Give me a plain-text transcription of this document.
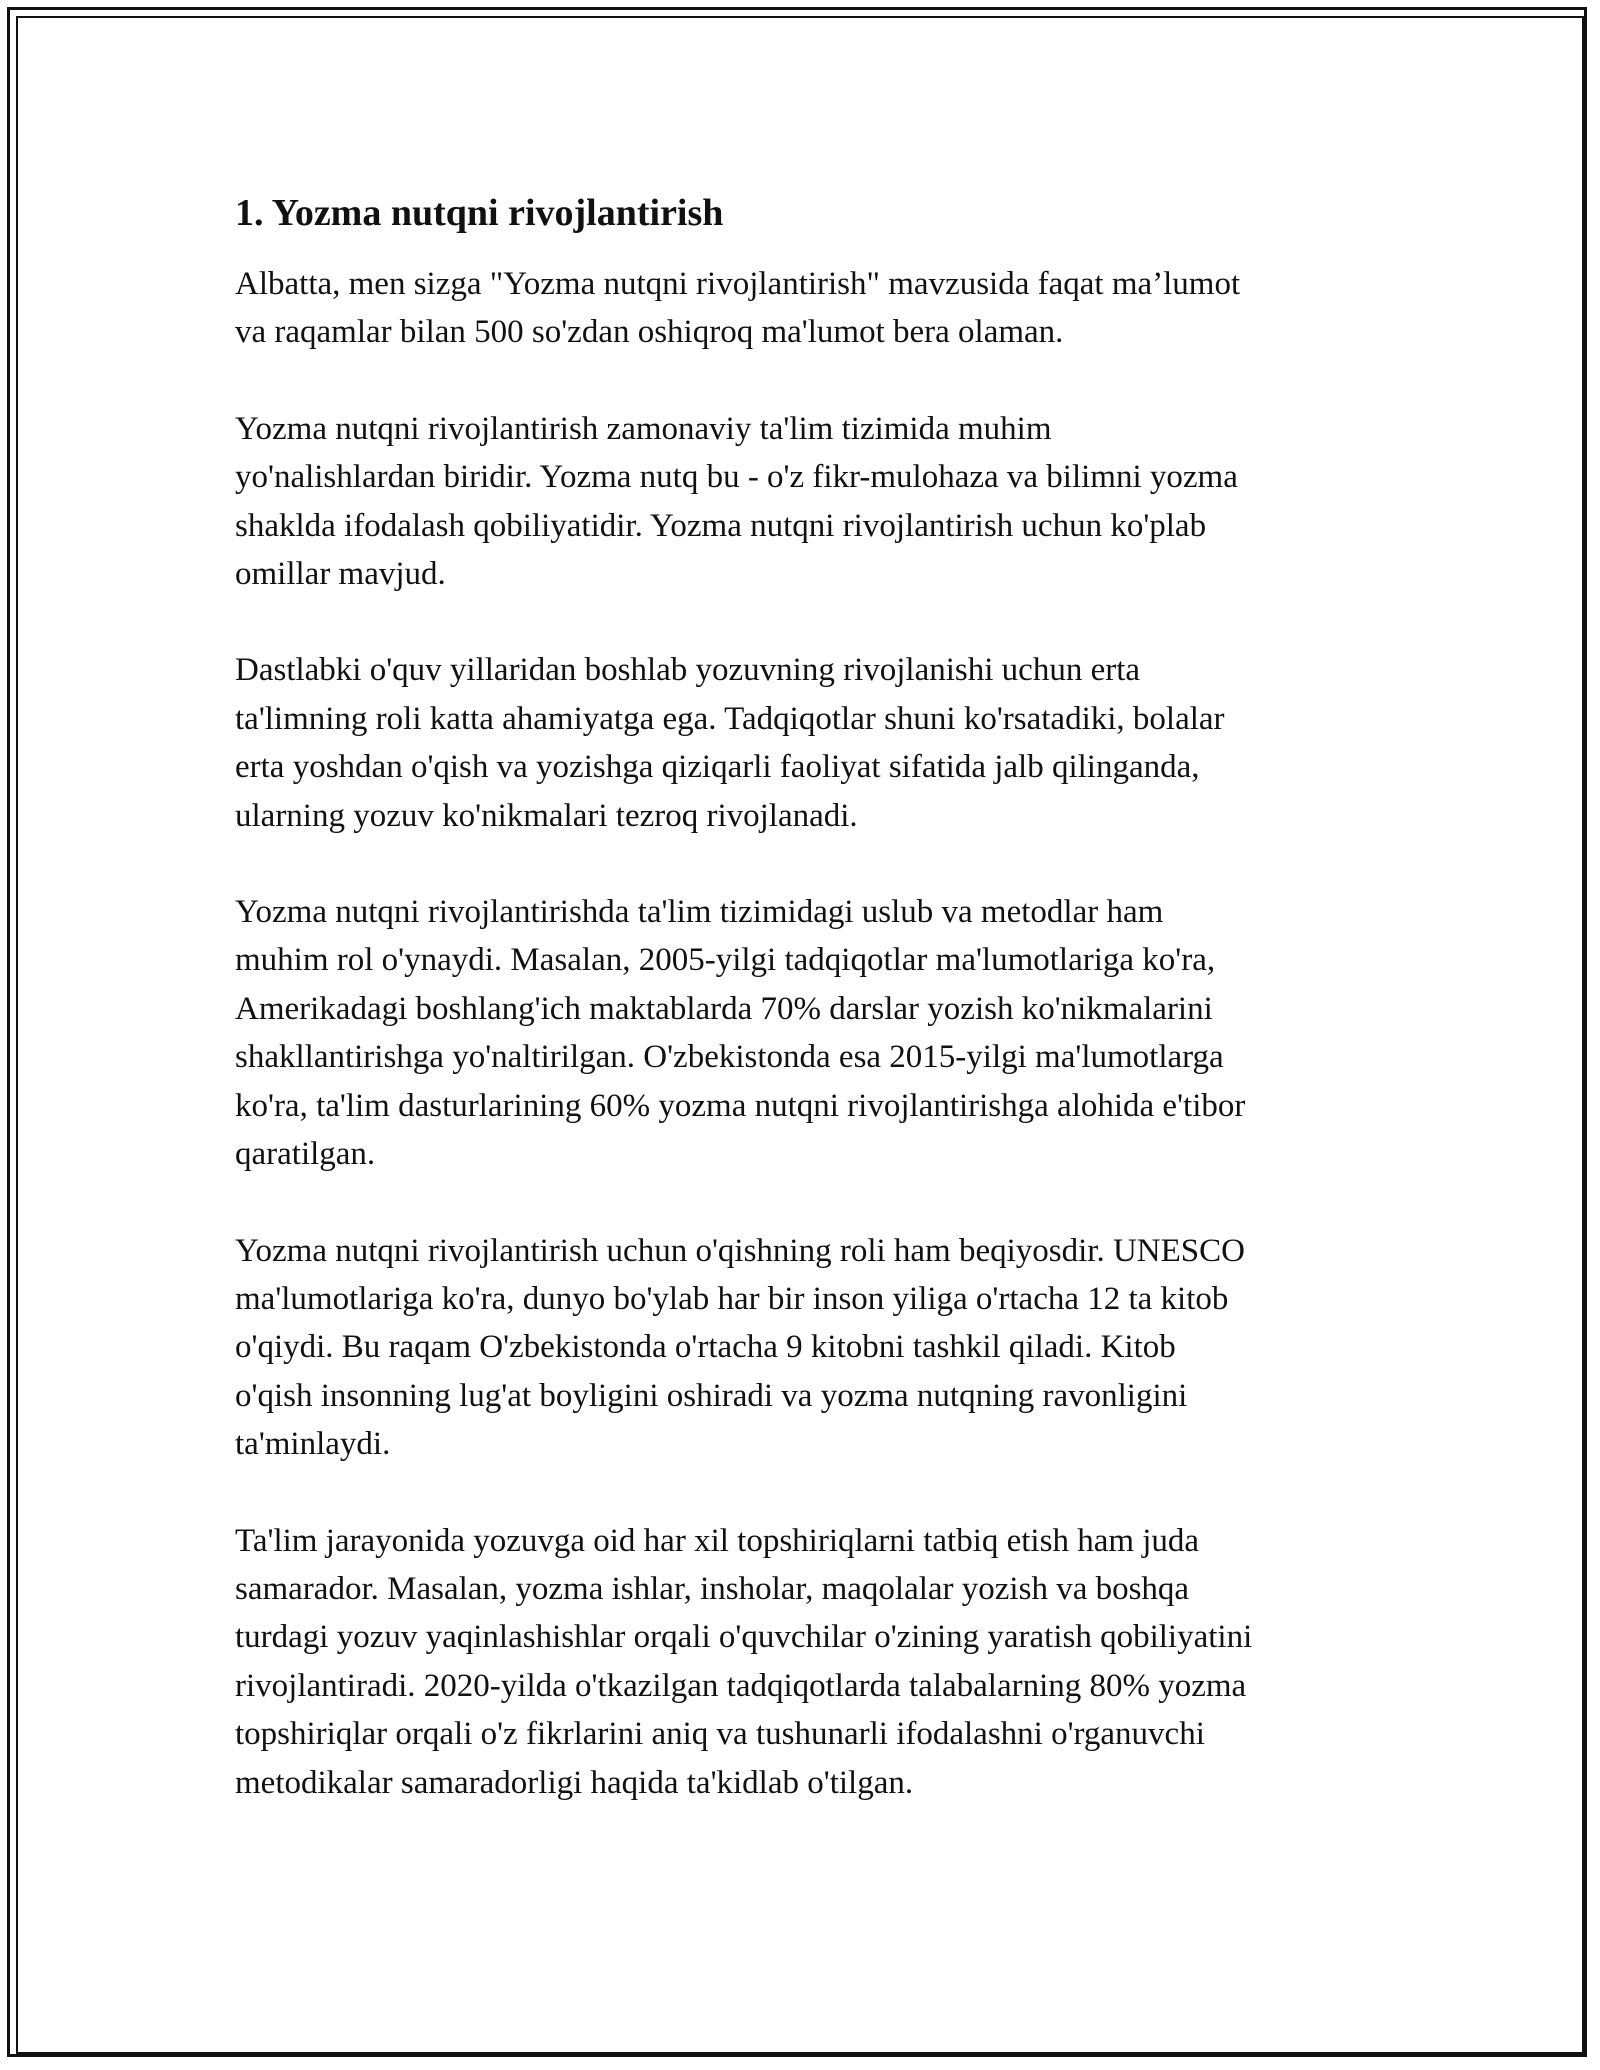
1. Yozma nutqni rivojlantirish

Albatta, men sizga "Yozma nutqni rivojlantirish" mavzusida faqat ma’lumot
va raqamlar bilan 500 so'zdan oshiqroq ma'lumot bera olaman.

Yozma nutqni rivojlantirish zamonaviy ta'lim tizimida muhim
yo'nalishlardan biridir. Yozma nutq bu - o'z fikr-mulohaza va bilimni yozma
shaklda ifodalash qobiliyatidir. Yozma nutqni rivojlantirish uchun ko'plab
omillar mavjud.

Dastlabki o'quv yillaridan boshlab yozuvning rivojlanishi uchun erta
ta'limning roli katta ahamiyatga ega. Tadqiqotlar shuni ko'rsatadiki, bolalar
erta yoshdan o'qish va yozishga qiziqarli faoliyat sifatida jalb qilinganda,
ularning yozuv ko'nikmalari tezroq rivojlanadi.

Yozma nutqni rivojlantirishda ta'lim tizimidagi uslub va metodlar ham
muhim rol o'ynaydi. Masalan, 2005-yilgi tadqiqotlar ma'lumotlariga ko'ra,
Amerikadagi boshlang'ich maktablarda 70% darslar yozish ko'nikmalarini
shakllantirishga yo'naltirilgan. O'zbekistonda esa 2015-yilgi ma'lumotlarga
ko'ra, ta'lim dasturlarining 60% yozma nutqni rivojlantirishga alohida e'tibor
qaratilgan.

Yozma nutqni rivojlantirish uchun o'qishning roli ham beqiyosdir. UNESCO
ma'lumotlariga ko'ra, dunyo bo'ylab har bir inson yiliga o'rtacha 12 ta kitob
o'qiydi. Bu raqam O'zbekistonda o'rtacha 9 kitobni tashkil qiladi. Kitob
o'qish insonning lug'at boyligini oshiradi va yozma nutqning ravonligini
ta'minlaydi.

Ta'lim jarayonida yozuvga oid har xil topshiriqlarni tatbiq etish ham juda
samarador. Masalan, yozma ishlar, insholar, maqolalar yozish va boshqa
turdagi yozuv yaqinlashishlar orqali o'quvchilar o'zining yaratish qobiliyatini
rivojlantiradi. 2020-yilda o'tkazilgan tadqiqotlarda talabalarning 80% yozma
topshiriqlar orqali o'z fikrlarini aniq va tushunarli ifodalashni o'rganuvchi
metodikalar samaradorligi haqida ta'kidlab o'tilgan.
